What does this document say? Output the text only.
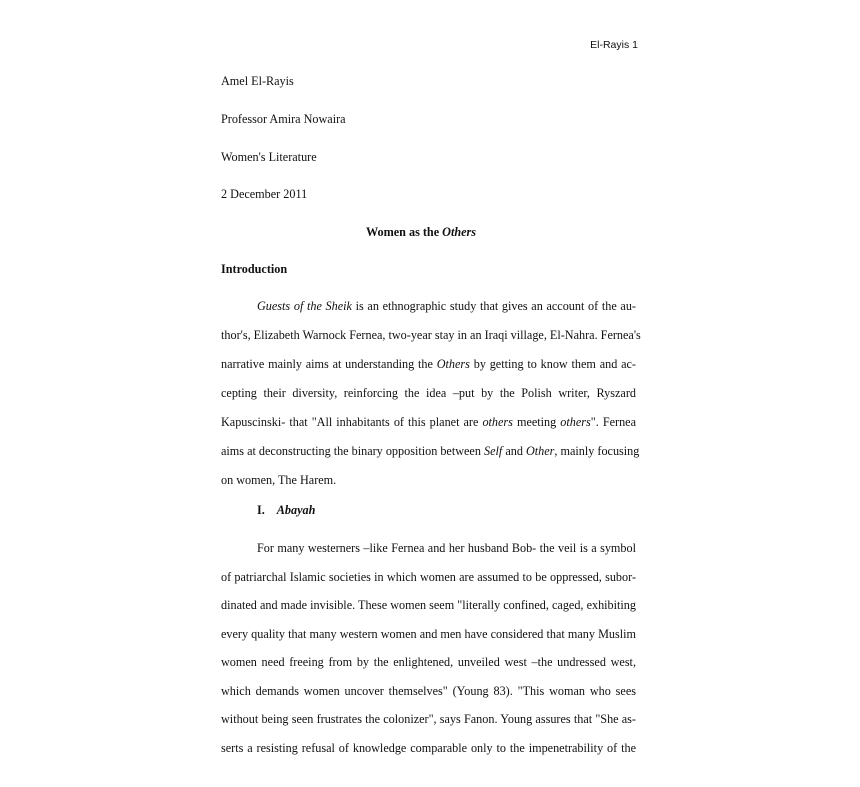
El-Rayis 1
Amel El-Rayis
Professor Amira Nowaira
Women's Literature
2 December 2011
Women as the Others
Introduction
Guests of the Sheik is an ethnographic study that gives an account of the au-
thor's, Elizabeth Warnock Fernea, two-year stay in an Iraqi village, El-Nahra. Fernea's
narrative mainly aims at understanding the Others by getting to know them and ac-
cepting their diversity, reinforcing the idea –put by the Polish writer, Ryszard
Kapuscinski- that "All inhabitants of this planet are others meeting others". Fernea
aims at deconstructing the binary opposition between Self and Other, mainly focusing
on women, The Harem.
I. Abayah
For many westerners –like Fernea and her husband Bob- the veil is a symbol
of patriarchal Islamic societies in which women are assumed to be oppressed, subor-
dinated and made invisible. These women seem "literally confined, caged, exhibiting
every quality that many western women and men have considered that many Muslim
women need freeing from by the enlightened, unveiled west –the undressed west,
which demands women uncover themselves" (Young 83). "This woman who sees
without being seen frustrates the colonizer", says Fanon. Young assures that "She as-
serts a resisting refusal of knowledge comparable only to the impenetrability of the
